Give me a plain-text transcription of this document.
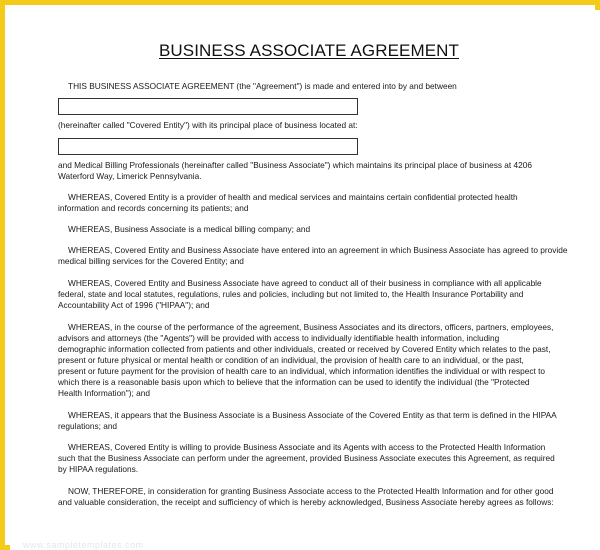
BUSINESS ASSOCIATE AGREEMENT

THIS BUSINESS ASSOCIATE AGREEMENT (the "Agreement") is made and entered into by and between

(hereinafter called "Covered Entity") with its principal place of business located at:

and Medical Billing Professionals (hereinafter called "Business Associate") which maintains its principal place of business at 4206

Waterford Way, Limerick Pennsylvania.

WHEREAS, Covered Entity is a provider of health and medical services and maintains certain confidential protected health

information and records concerning its patients; and

WHEREAS, Business Associate is a medical billing company; and

WHEREAS, Covered Entity and Business Associate have entered into an agreement in which Business Associate has agreed to provide

medical billing services for the Covered Entity; and

WHEREAS, Covered Entity and Business Associate have agreed to conduct all of their business in compliance with all applicable

federal, state and local statutes, regulations, rules and policies, including but not limited to, the Health Insurance Portability and

Accountability Act of 1996 ("HIPAA"); and

WHEREAS, in the course of the performance of the agreement, Business Associates and its directors, officers, partners, employees,

advisors and attorneys (the "Agents") will be provided with access to individually identifiable health information, including

demographic information collected from patients and other individuals, created or received by Covered Entity which relates to the past,

present or future physical or mental health or condition of an individual, the provision of health care to an individual, or the past,

present or future payment for the provision of health care to an individual, which information identifies the individual or with respect to

which there is a reasonable basis upon which to believe that the information can be used to identify the individual (the "Protected

Health Information"); and

WHEREAS, it appears that the Business Associate is a Business Associate of the Covered Entity as that term is defined in the HIPAA

regulations; and

WHEREAS, Covered Entity is willing to provide Business Associate and its Agents with access to the Protected Health Information

such that the Business Associate can perform under the agreement, provided Business Associate executes this Agreement, as required

by HIPAA regulations.

NOW, THEREFORE, in consideration for granting Business Associate access to the Protected Health Information and for other good

and valuable consideration, the receipt and sufficiency of which is hereby acknowledged, Business Associate hereby agrees as follows:

www.sampletemplates.com
